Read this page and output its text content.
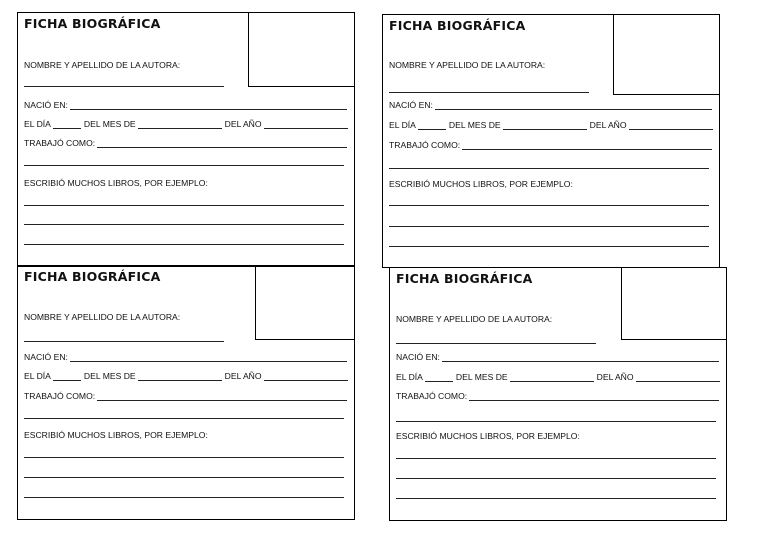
FICHA BIOGRÁFICA
NOMBRE Y APELLIDO DE LA AUTORA:
NACIÓ EN:
EL DÍA	DEL MES DE	DEL AÑO
TRABAJÓ COMO:
ESCRIBIÓ MUCHOS LIBROS, POR EJEMPLO:
FICHA BIOGRÁFICA
NOMBRE Y APELLIDO DE LA AUTORA:
NACIÓ EN:
EL DÍA	DEL MES DE	DEL AÑO
TRABAJÓ COMO:
ESCRIBIÓ MUCHOS LIBROS, POR EJEMPLO:
FICHA BIOGRÁFICA
NOMBRE Y APELLIDO DE LA AUTORA:
NACIÓ EN:
EL DÍA	DEL MES DE	DEL AÑO
TRABAJÓ COMO:
ESCRIBIÓ MUCHOS LIBROS, POR EJEMPLO:
FICHA BIOGRÁFICA
NOMBRE Y APELLIDO DE LA AUTORA:
NACIÓ EN:
EL DÍA	DEL MES DE	DEL AÑO
TRABAJÓ COMO:
ESCRIBIÓ MUCHOS LIBROS, POR EJEMPLO:
